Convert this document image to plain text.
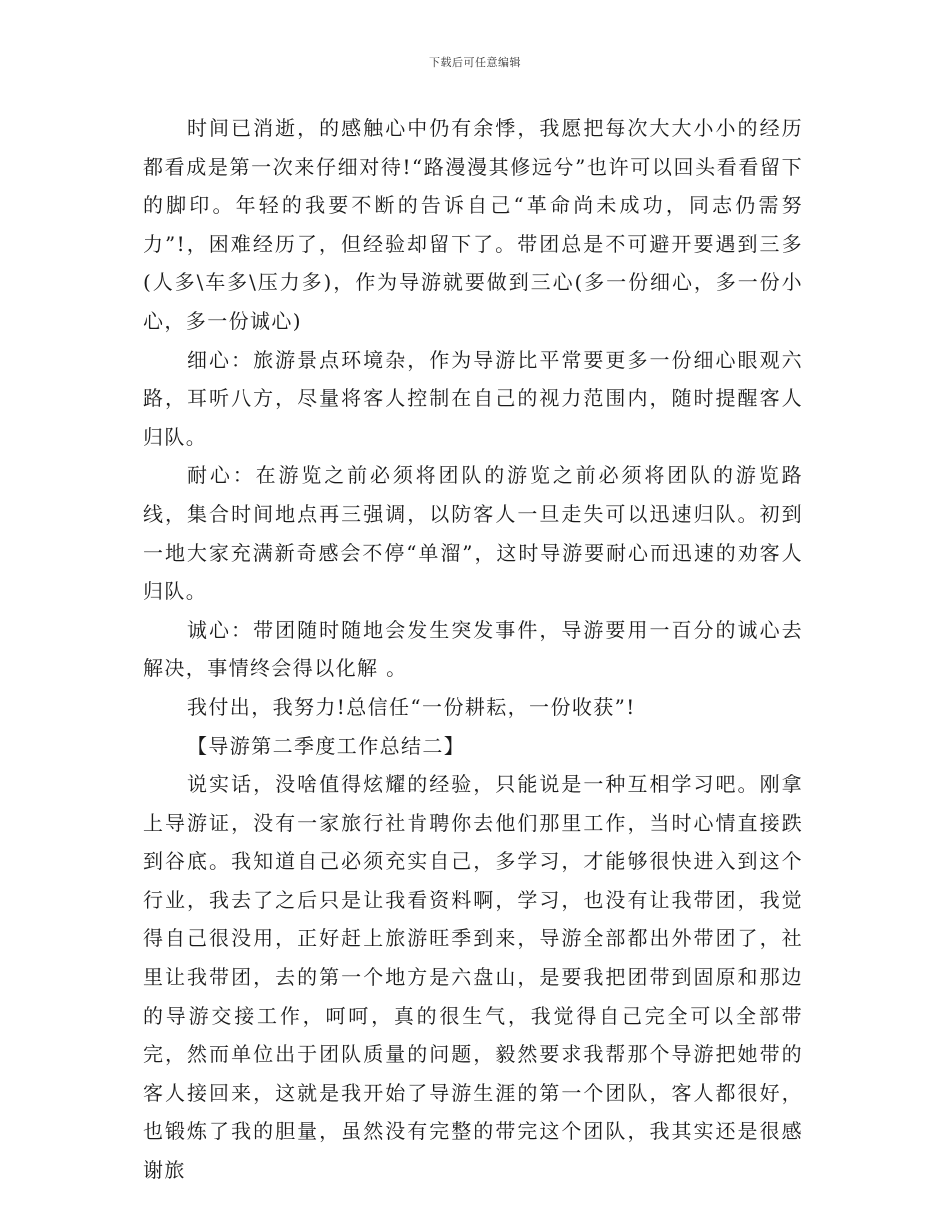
下载后可任意编辑

时间已消逝，的感触心中仍有余悸，我愿把每次大大小小的经历都看成是第一次来仔细对待!“路漫漫其修远兮”也许可以回头看看留下的脚印。年轻的我要不断的告诉自己“革命尚未成功，同志仍需努力”!，困难经历了，但经验却留下了。带团总是不可避开要遇到三多(人多\车多\压力多)，作为导游就要做到三心(多一份细心，多一份小心，多一份诚心)

细心：旅游景点环境杂，作为导游比平常要更多一份细心眼观六路，耳听八方，尽量将客人控制在自己的视力范围内，随时提醒客人归队。

耐心：在游览之前必须将团队的游览之前必须将团队的游览路线，集合时间地点再三强调，以防客人一旦走失可以迅速归队。初到一地大家充满新奇感会不停“单溜”，这时导游要耐心而迅速的劝客人归队。

诚心：带团随时随地会发生突发事件，导游要用一百分的诚心去解决，事情终会得以化解 。

我付出，我努力!总信任“一份耕耘，一份收获”!

【导游第二季度工作总结二】

说实话，没啥值得炫耀的经验，只能说是一种互相学习吧。刚拿上导游证，没有一家旅行社肯聘你去他们那里工作，当时心情直接跌到谷底。我知道自己必须充实自己，多学习，才能够很快进入到这个行业，我去了之后只是让我看资料啊，学习，也没有让我带团，我觉得自己很没用，正好赶上旅游旺季到来，导游全部都出外带团了，社里让我带团，去的第一个地方是六盘山，是要我把团带到固原和那边的导游交接工作，呵呵，真的很生气，我觉得自己完全可以全部带完，然而单位出于团队质量的问题，毅然要求我帮那个导游把她带的客人接回来，这就是我开始了导游生涯的第一个团队，客人都很好，也锻炼了我的胆量，虽然没有完整的带完这个团队，我其实还是很感谢旅
